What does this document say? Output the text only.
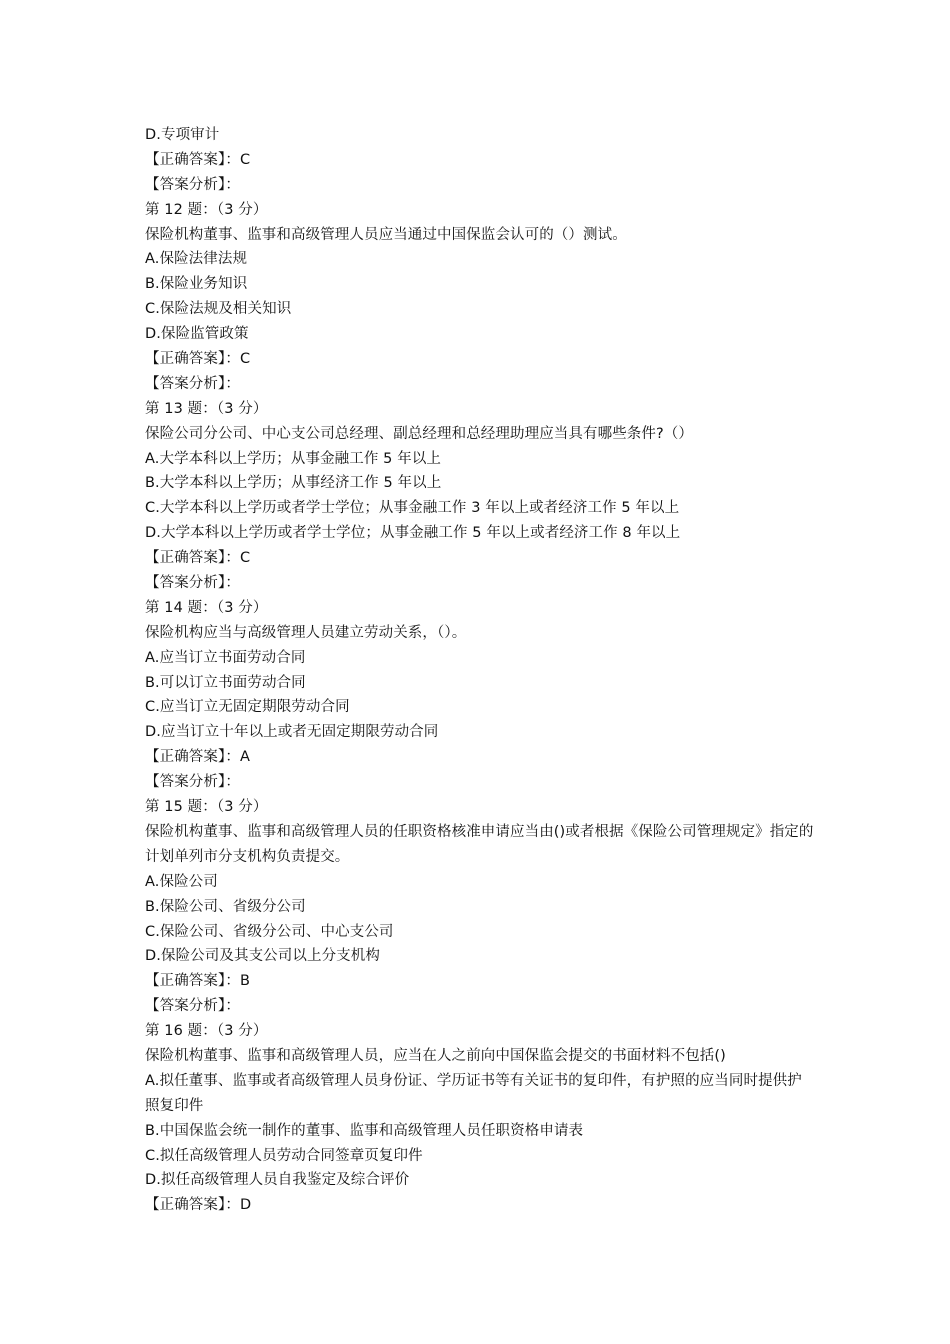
D.专项审计
【正确答案】：C
【答案分析】：
第 12 题：（3 分）
保险机构董事、监事和高级管理人员应当通过中国保监会认可的（）测试。
A.保险法律法规
B.保险业务知识
C.保险法规及相关知识
D.保险监管政策
【正确答案】：C
【答案分析】：
第 13 题：（3 分）
保险公司分公司、中心支公司总经理、副总经理和总经理助理应当具有哪些条件?（）
A.大学本科以上学历；从事金融工作 5 年以上
B.大学本科以上学历；从事经济工作 5 年以上
C.大学本科以上学历或者学士学位；从事金融工作 3 年以上或者经济工作 5 年以上
D.大学本科以上学历或者学士学位；从事金融工作 5 年以上或者经济工作 8 年以上
【正确答案】：C
【答案分析】：
第 14 题：（3 分）
保险机构应当与高级管理人员建立劳动关系，（）。
A.应当订立书面劳动合同
B.可以订立书面劳动合同
C.应当订立无固定期限劳动合同
D.应当订立十年以上或者无固定期限劳动合同
【正确答案】：A
【答案分析】：
第 15 题：（3 分）
保险机构董事、监事和高级管理人员的任职资格核准申请应当由()或者根据《保险公司管理规定》指定的计划单列市分支机构负责提交。
A.保险公司
B.保险公司、省级分公司
C.保险公司、省级分公司、中心支公司
D.保险公司及其支公司以上分支机构
【正确答案】：B
【答案分析】：
第 16 题：（3 分）
保险机构董事、监事和高级管理人员，应当在人之前向中国保监会提交的书面材料不包括()
A.拟任董事、监事或者高级管理人员身份证、学历证书等有关证书的复印件，有护照的应当同时提供护照复印件
B.中国保监会统一制作的董事、监事和高级管理人员任职资格申请表
C.拟任高级管理人员劳动合同签章页复印件
D.拟任高级管理人员自我鉴定及综合评价
【正确答案】：D
